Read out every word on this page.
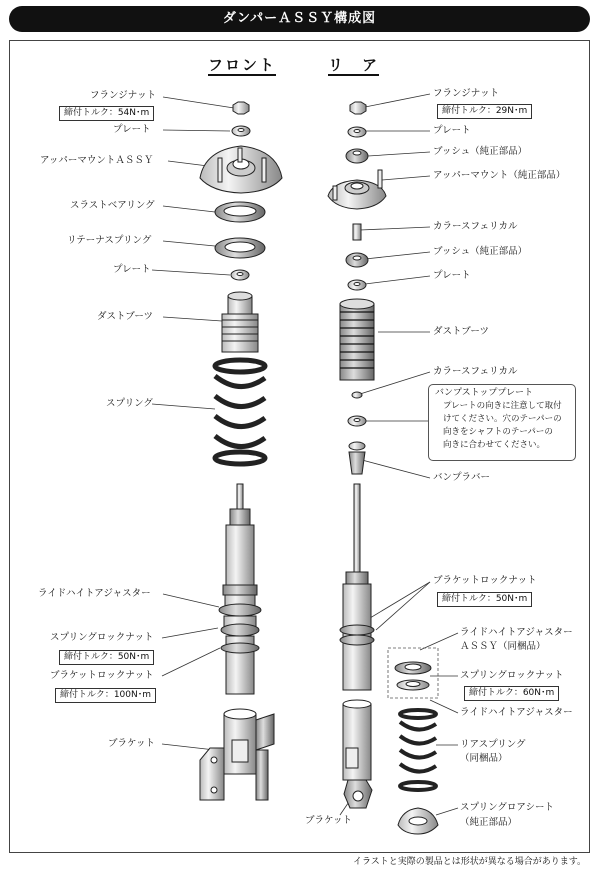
ダンパーＡＳＳＹ構成図
フロント	リ　ア
フランジナット
締付トルク：54N･m
プレート
アッパーマウントＡＳＳＹ
スラストベアリング
リテーナスプリング
プレート
ダストブーツ
スプリング
ライドハイトアジャスター
スプリングロックナット
締付トルク：50N･m
ブラケットロックナット
締付トルク：100N･m
ブラケット
フランジナット
締付トルク：29N･m
プレート
ブッシュ（純正部品）
アッパーマウント（純正部品）
カラースフェリカル
ブッシュ（純正部品）
プレート
ダストブーツ
カラースフェリカル
バンプストッププレート
プレートの向きに注意して取付
けてください。穴のテーパーの
向きをシャフトのテーパーの
向きに合わせてください。
バンプラバー
ブラケットロックナット
締付トルク：50N･m
ライドハイトアジャスター
ＡＳＳＹ（同梱品）
スプリングロックナット
締付トルク：60N･m
ライドハイトアジャスター
リアスプリング
（同梱品）
スプリングロアシート
（純正部品）
ブラケット
イラストと実際の製品とは形状が異なる場合があります。
